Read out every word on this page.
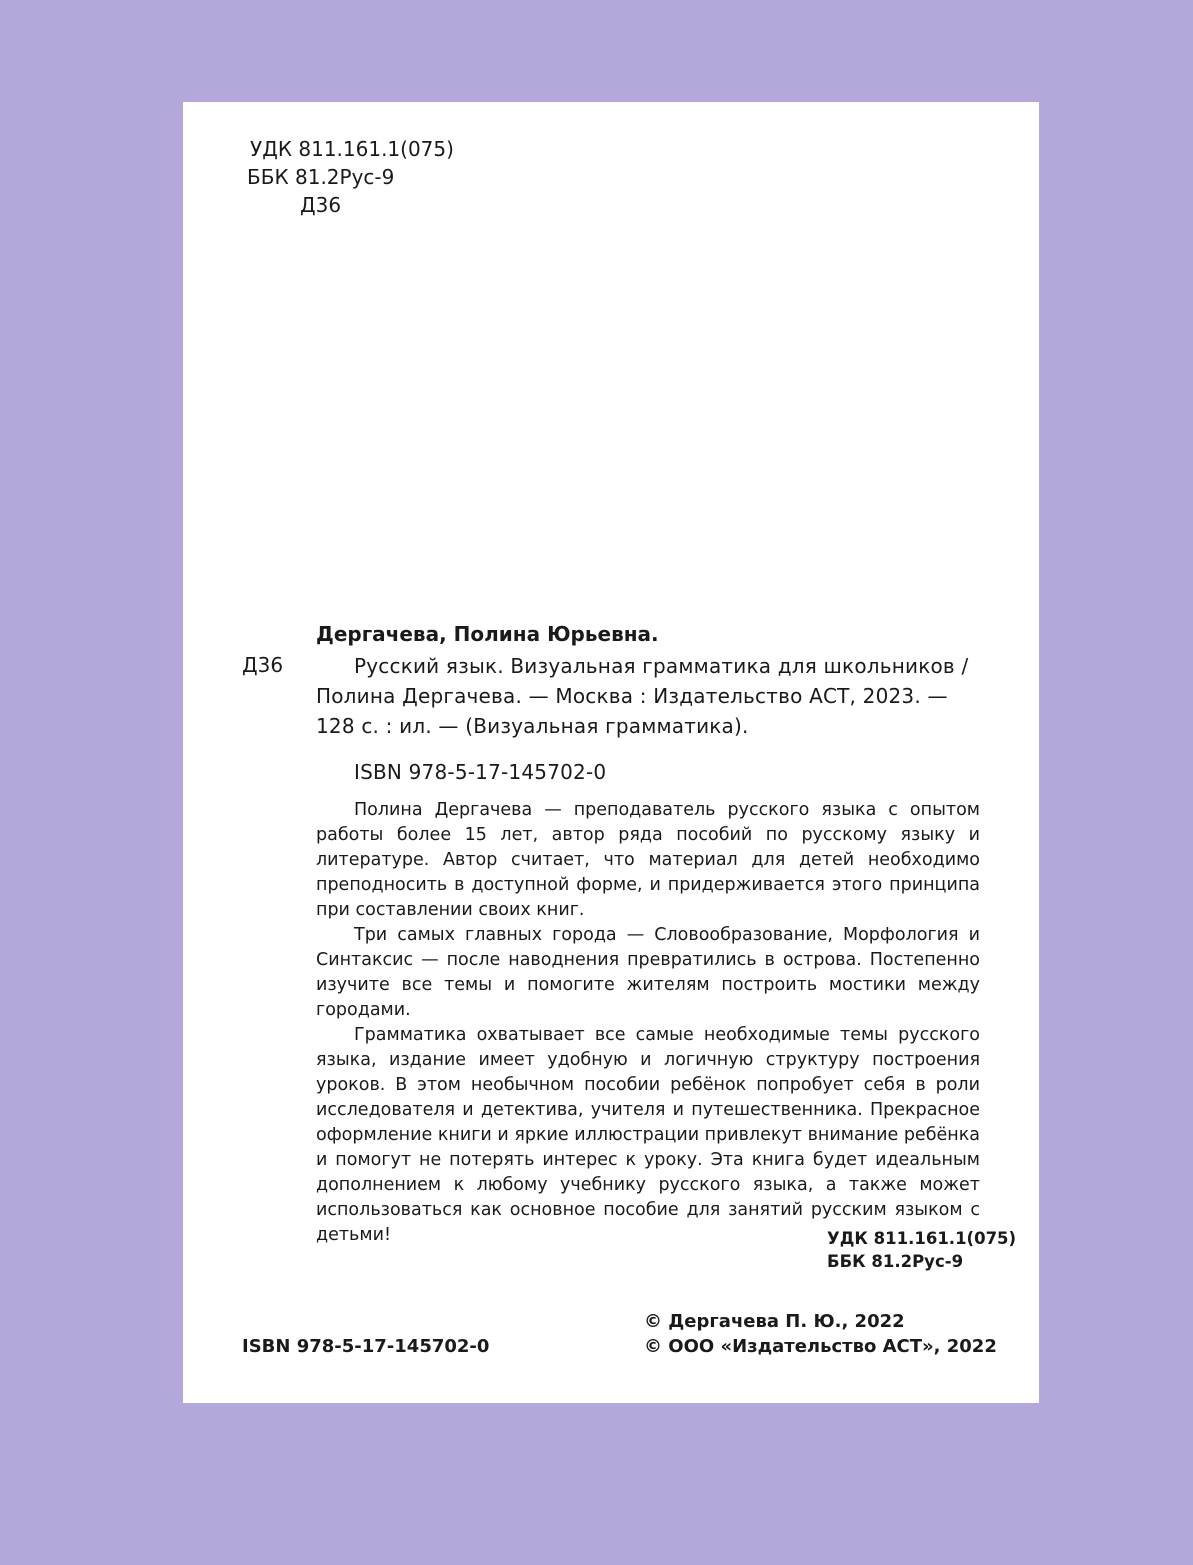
УДК 811.161.1(075)
ББК 81.2Рус-9
Д36
Дергачева, Полина Юрьевна.
Д36	Русский язык. Визуальная грамматика для школьников /
Полина Дергачева. — Москва : Издательство АСТ, 2023. —
128 с. : ил. — (Визуальная грамматика).
ISBN 978-5-17-145702-0

Полина Дергачева — преподаватель русского языка с опытом работы более 15 лет, автор ряда пособий по русскому языку и литературе. Автор считает, что материал для детей необходимо преподносить в доступной форме, и придерживается этого принципа при составлении своих книг.

Три самых главных города — Словообразование, Морфология и Синтаксис — после наводнения превратились в острова. Постепенно изучите все темы и помогите жителям построить мостики между городами.

Грамматика охватывает все самые необходимые темы русского языка, издание имеет удобную и логичную структуру построения уроков. В этом необычном пособии ребёнок попробует себя в роли исследователя и детектива, учителя и путешественника. Прекрасное оформление книги и яркие иллюстрации привлекут внимание ребёнка и помогут не потерять интерес к уроку. Эта книга будет идеальным дополнением к любому учебнику русского языка, а также может использоваться как основное пособие для занятий русским языком с детьми!	УДК 811.161.1(075)
ББК 81.2Рус-9
© Дергачева П. Ю., 2022
ISBN 978-5-17-145702-0	© ООО «Издательство АСТ», 2022
